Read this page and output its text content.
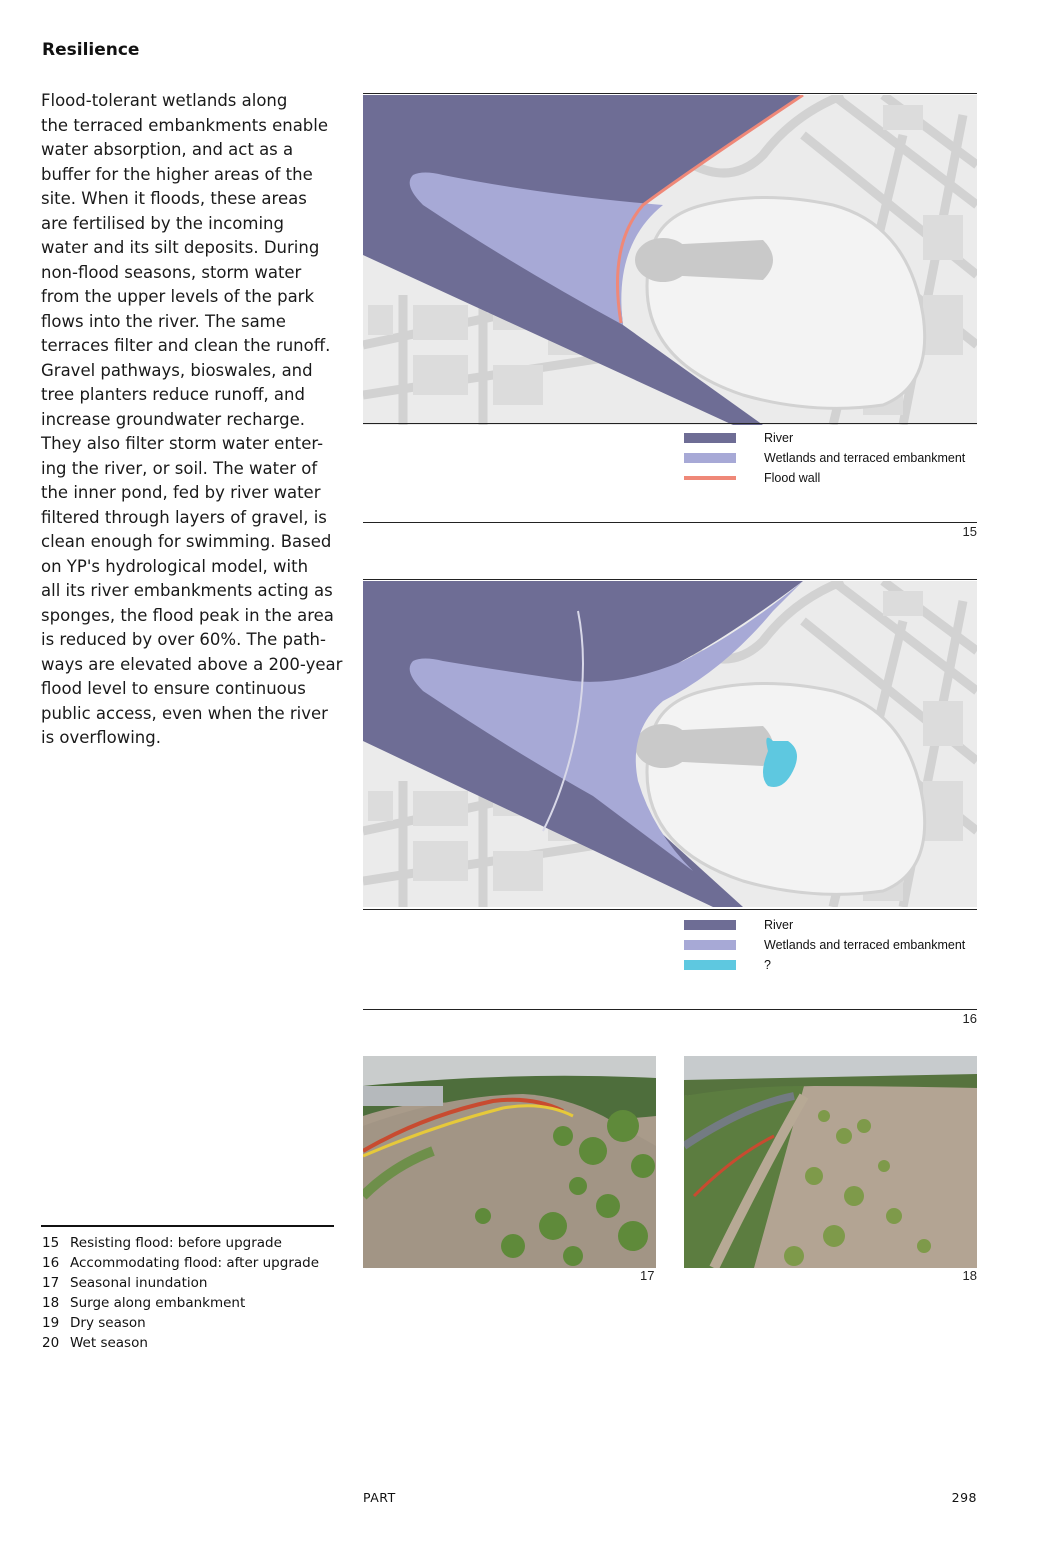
Resilience
Flood-tolerant wetlands along
the terraced embankments enable
water absorption, and act as a
buffer for the higher areas of the
site. When it floods, these areas
are fertilised by the incoming
water and its silt deposits. During
non-flood seasons, storm water
from the upper levels of the park
flows into the river. The same
terraces filter and clean the runoff.
Gravel pathways, bioswales, and
tree planters reduce runoff, and
increase groundwater recharge.
They also filter storm water enter-
ing the river, or soil. The water of
the inner pond, fed by river water
filtered through layers of gravel, is
clean enough for swimming. Based
on YP's hydrological model, with
all its river embankments acting as
sponges, the flood peak in the area
is reduced by over 60%. The path-
ways are elevated above a 200-year
flood level to ensure continuous
public access, even when the river
is overflowing.
River
Wetlands and terraced embankment
Flood wall
15
River
Wetlands and terraced embankment
?
16
17	18
15 Resisting flood: before upgrade
16 Accommodating flood: after upgrade
17 Seasonal inundation
18 Surge along embankment
19 Dry season
20 Wet season
PART	298
